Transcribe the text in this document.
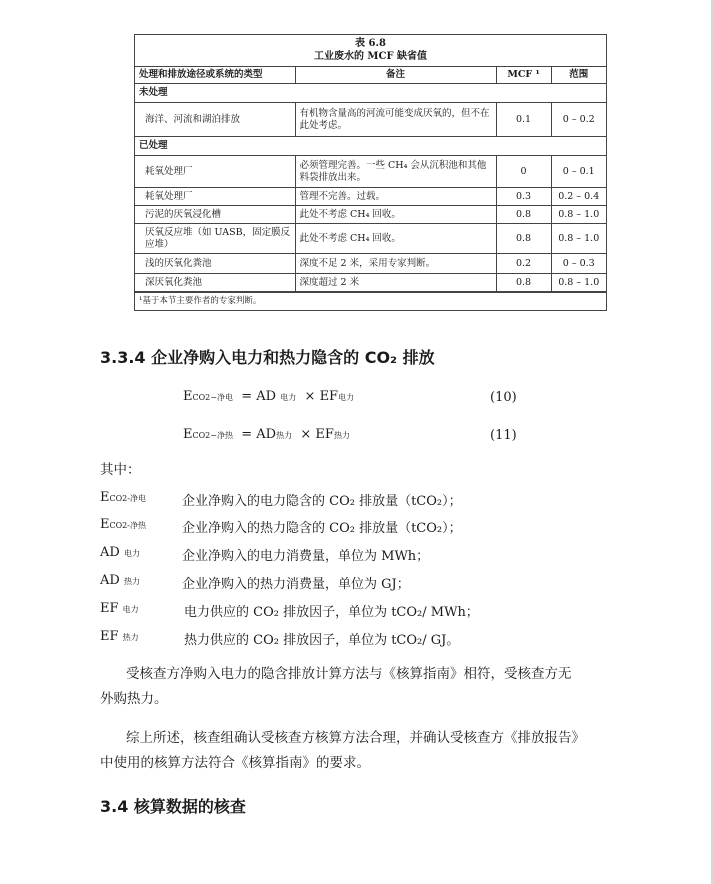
表 6.8
工业废水的 MCF 缺省值
处理和排放途径或系统的类型	备注	MCF ¹	范围
未处理			
海洋、河流和湖泊排放	有机物含量高的河流可能变成厌氧的，但不在此处考虑。	0.1	0 – 0.2
已处理			
耗氧处理厂	必须管理完善。一些 CH₄ 会从沉积池和其他料袋排放出来。	0	0 – 0.1
耗氧处理厂	管理不完善。过载。	0.3	0.2 – 0.4
污泥的厌氧浸化槽	此处不考虑 CH₄ 回收。	0.8	0.8 – 1.0
厌氧反应堆（如 UASB，固定膜反应堆）	此处不考虑 CH₄ 回收。	0.8	0.8 – 1.0
浅的厌氧化粪池	深度不足 2 米，采用专家判断。	0.2	0 – 0.3
深厌氧化粪池	深度超过 2 米	0.8	0.8 – 1.0
¹基于本节主要作者的专家判断。
3.3.4 企业净购入电力和热力隐含的 CO₂ 排放
ECO2−净电  = AD 电力  × EF电力	(10)
ECO2−净热  = AD热力  × EF热力	(11)
其中：
ECO2-净电	企业净购入的电力隐含的 CO₂ 排放量（tCO₂）；
ECO2-净热	企业净购入的热力隐含的 CO₂ 排放量（tCO₂）；
AD 电力	企业净购入的电力消费量，单位为 MWh；
AD 热力	企业净购入的热力消费量，单位为 GJ；
EF 电力	电力供应的 CO₂ 排放因子，单位为 tCO₂/ MWh；
EF 热力	热力供应的 CO₂ 排放因子，单位为 tCO₂/ GJ。
受核查方净购入电力的隐含排放计算方法与《核算指南》相符，受核查方无
外购热力。
综上所述，核查组确认受核查方核算方法合理，并确认受核查方《排放报告》
中使用的核算方法符合《核算指南》的要求。
3.4 核算数据的核查
